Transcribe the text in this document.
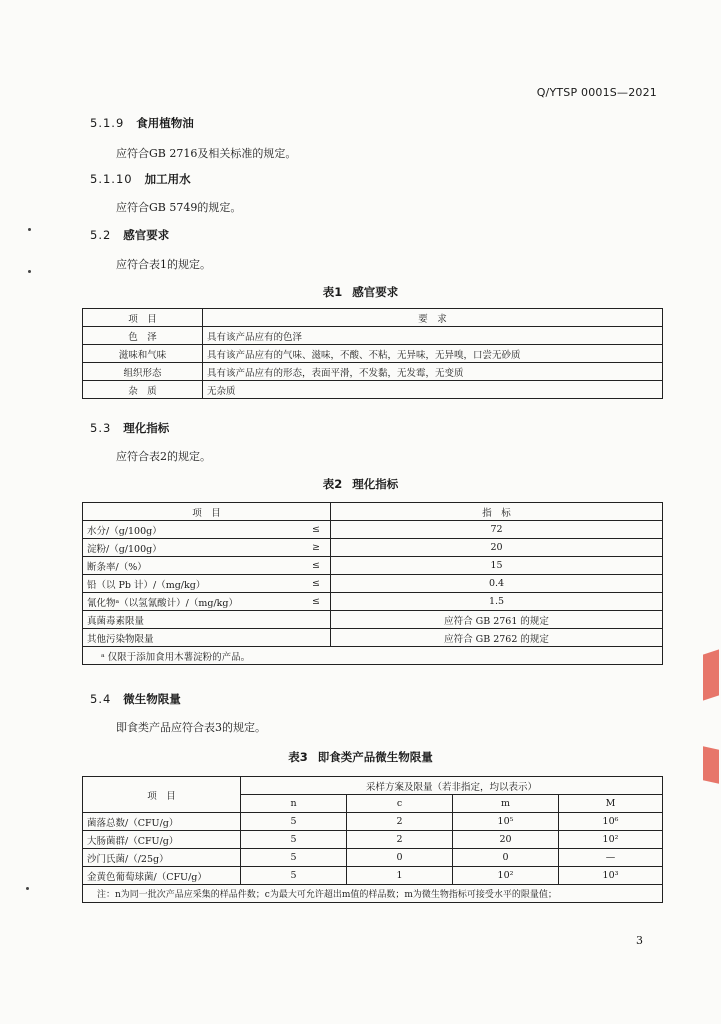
Q/YTSP 0001S—2021
5.1.9 食用植物油
应符合GB 2716及相关标准的规定。
5.1.10 加工用水
应符合GB 5749的规定。
5.2 感官要求
应符合表1的规定。
表1 感官要求
项　目	要　求
色　泽	具有该产品应有的色泽
滋味和气味	具有该产品应有的气味、滋味，不酸、不粘，无异味，无异嗅，口尝无砂质
组织形态	具有该产品应有的形态，表面平滑，不发黏，无发霉，无变质
杂　质	无杂质
5.3 理化指标
应符合表2的规定。
表2 理化指标
项　目		指　标
水分/（g/100g）	≤	72
淀粉/（g/100g）	≥	20
断条率/（%）	≤	15
铅（以 Pb 计）/（mg/kg）	≤	0.4
氰化物ᵃ（以氢氰酸计）/（mg/kg）	≤	1.5
真菌毒素限量		应符合 GB 2761 的规定
其他污染物限量		应符合 GB 2762 的规定
ᵃ 仅限于添加食用木薯淀粉的产品。		
5.4 微生物限量
即食类产品应符合表3的规定。
表3 即食类产品微生物限量
项　目	采样方案及限量（若非指定，均以表示）			
	n	c	m	M
菌落总数/（CFU/g）	5	2	10⁵	10⁶
大肠菌群/（CFU/g）	5	2	20	10²
沙门氏菌/（/25g）	5	0	0	—
金黄色葡萄球菌/（CFU/g）	5	1	10²	10³
注：n为同一批次产品应采集的样品件数；c为最大可允许超出m值的样品数；m为微生物指标可接受水平的限量值；				
3
